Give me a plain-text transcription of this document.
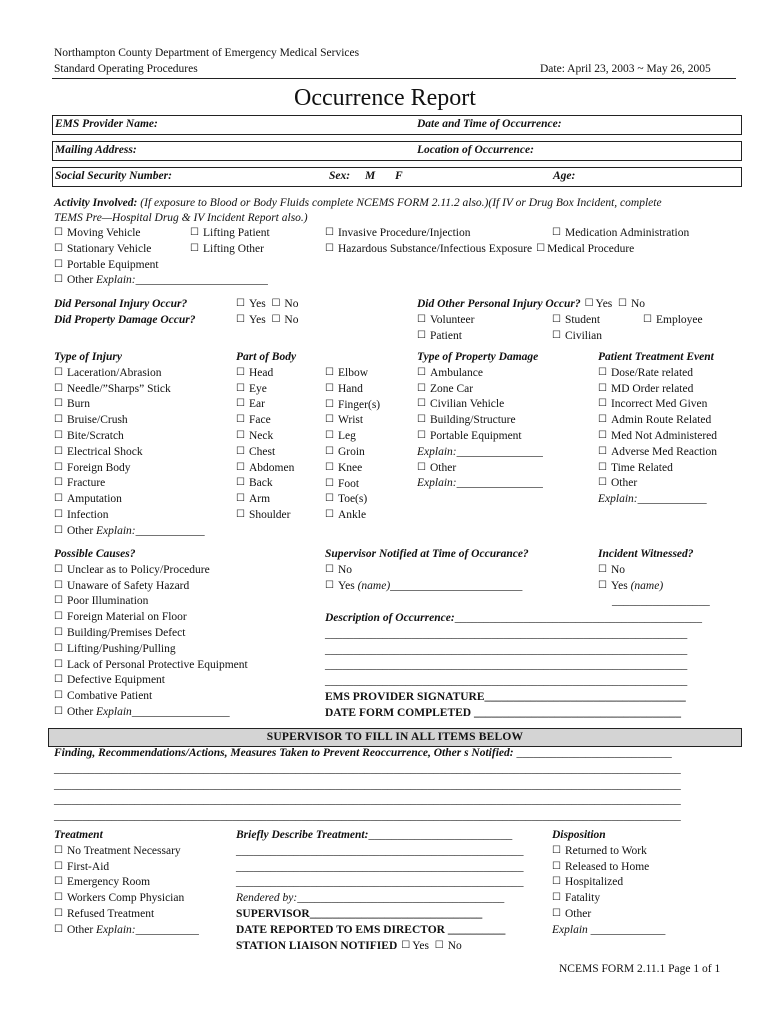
Northampton County Department of Emergency Medical Services
Standard Operating Procedures	Date: April 23, 2003 ~ May 26, 2005
Occurrence Report
EMS Provider Name:	Date and Time of Occurrence:
Mailing Address:	Location of Occurrence:
Social Security Number:	Sex: M F	Age:
Activity Involved: (If exposure to Blood or Body Fluids complete NCEMS FORM 2.11.2 also.)(If IV or Drug Box Incident, complete
TEMS Pre—Hospital Drug & IV Incident Report also.)
☐ Moving Vehicle
☐ Stationary Vehicle
☐ Portable Equipment
☐ Other Explain:_______________________
☐ Lifting Patient
☐ Lifting Other
☐ Invasive Procedure/Injection
☐ Hazardous Substance/Infectious Exposure ☐ Medical Procedure
☐ Medication Administration
Did Personal Injury Occur?
Did Property Damage Occur?
☐ Yes ☐ No
☐ Yes ☐ No
Did Other Personal Injury Occur? ☐ Yes ☐ No
☐ Volunteer
☐ Patient
☐ Student
☐ Civilian
☐ Employee
Type of Injury
☐ Laceration/Abrasion
☐ Needle/”Sharps” Stick
☐ Burn
☐ Bruise/Crush
☐ Bite/Scratch
☐ Electrical Shock
☐ Foreign Body
☐ Fracture
☐ Amputation
☐ Infection
☐ Other Explain:____________
Part of Body
☐ Head
☐ Eye
☐ Ear
☐ Face
☐ Neck
☐ Chest
☐ Abdomen
☐ Back
☐ Arm
☐ Shoulder
☐ Elbow
☐ Hand
☐ Finger(s)
☐ Wrist
☐ Leg
☐ Groin
☐ Knee
☐ Foot
☐ Toe(s)
☐ Ankle
Type of Property Damage
☐ Ambulance
☐ Zone Car
☐ Civilian Vehicle
☐ Building/Structure
☐ Portable Equipment
Explain:_______________
☐ Other
Explain:_______________
Patient Treatment Event
☐ Dose/Rate related
☐ MD Order related
☐ Incorrect Med Given
☐ Admin Route Related
☐ Med Not Administered
☐ Adverse Med Reaction
☐ Time Related
☐ Other
Explain:____________
Possible Causes?
☐ Unclear as to Policy/Procedure
☐ Unaware of Safety Hazard
☐ Poor Illumination
☐ Foreign Material on Floor
☐ Building/Premises Defect
☐ Lifting/Pushing/Pulling
☐ Lack of Personal Protective Equipment
☐ Defective Equipment
☐ Combative Patient
☐ Other Explain_________________
Supervisor Notified at Time of Occurance?
☐ No
☐ Yes (name)_______________________
Incident Witnessed?
☐ No
☐ Yes (name)
_________________
Description of Occurrence:___________________________________________
_______________________________________________________________
_______________________________________________________________
_______________________________________________________________
_______________________________________________________________
EMS PROVIDER SIGNATURE___________________________________
DATE FORM COMPLETED ____________________________________
SUPERVISOR TO FILL IN ALL ITEMS BELOW
Finding, Recommendations/Actions, Measures Taken to Prevent Reoccurrence, Other s Notified: ___________________________
_____________________________________________________________________________________________________________
_____________________________________________________________________________________________________________
_____________________________________________________________________________________________________________
_____________________________________________________________________________________________________________
Treatment
☐ No Treatment Necessary
☐ First-Aid
☐ Emergency Room
☐ Workers Comp Physician
☐ Refused Treatment
☐ Other Explain:___________
Briefly Describe Treatment:_________________________
__________________________________________________
__________________________________________________
__________________________________________________
Rendered by:____________________________________
SUPERVISOR______________________________
DATE REPORTED TO EMS DIRECTOR __________
STATION LIAISON NOTIFIED ☐ Yes ☐ No
Disposition
☐ Returned to Work
☐ Released to Home
☐ Hospitalized
☐ Fatality
☐ Other
Explain _____________
NCEMS FORM 2.11.1 Page 1 of 1
